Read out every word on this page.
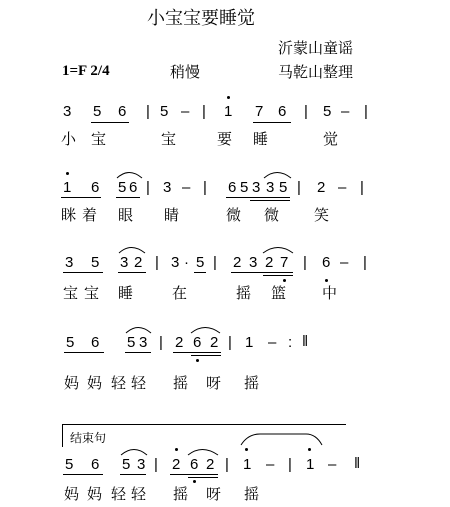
小宝宝要睡觉
沂蒙山童谣
1=F 2/4	稍慢	马乾山整理
3 5 6 | 5 – | 1 7 6 | 5 – |
小 宝	宝	要 睡	觉
1 6 5 6 | 3 – | 6 5 3 3 5 | 2 – |
眯 着 眼 睛	微 微 笑
3 5 3 2 | 3 · 5 | 2 3 2 7 | 6 – |
宝 宝 睡	在	摇 篮 中
5 6 5 3 | 2 6 2 | 1 – : ‖
妈 妈 轻 轻 摇 呀 摇
结束句
5 6 5 3 | 2 6 2 | 1 – | 1 – ‖
妈 妈 轻 轻 摇 呀 摇
